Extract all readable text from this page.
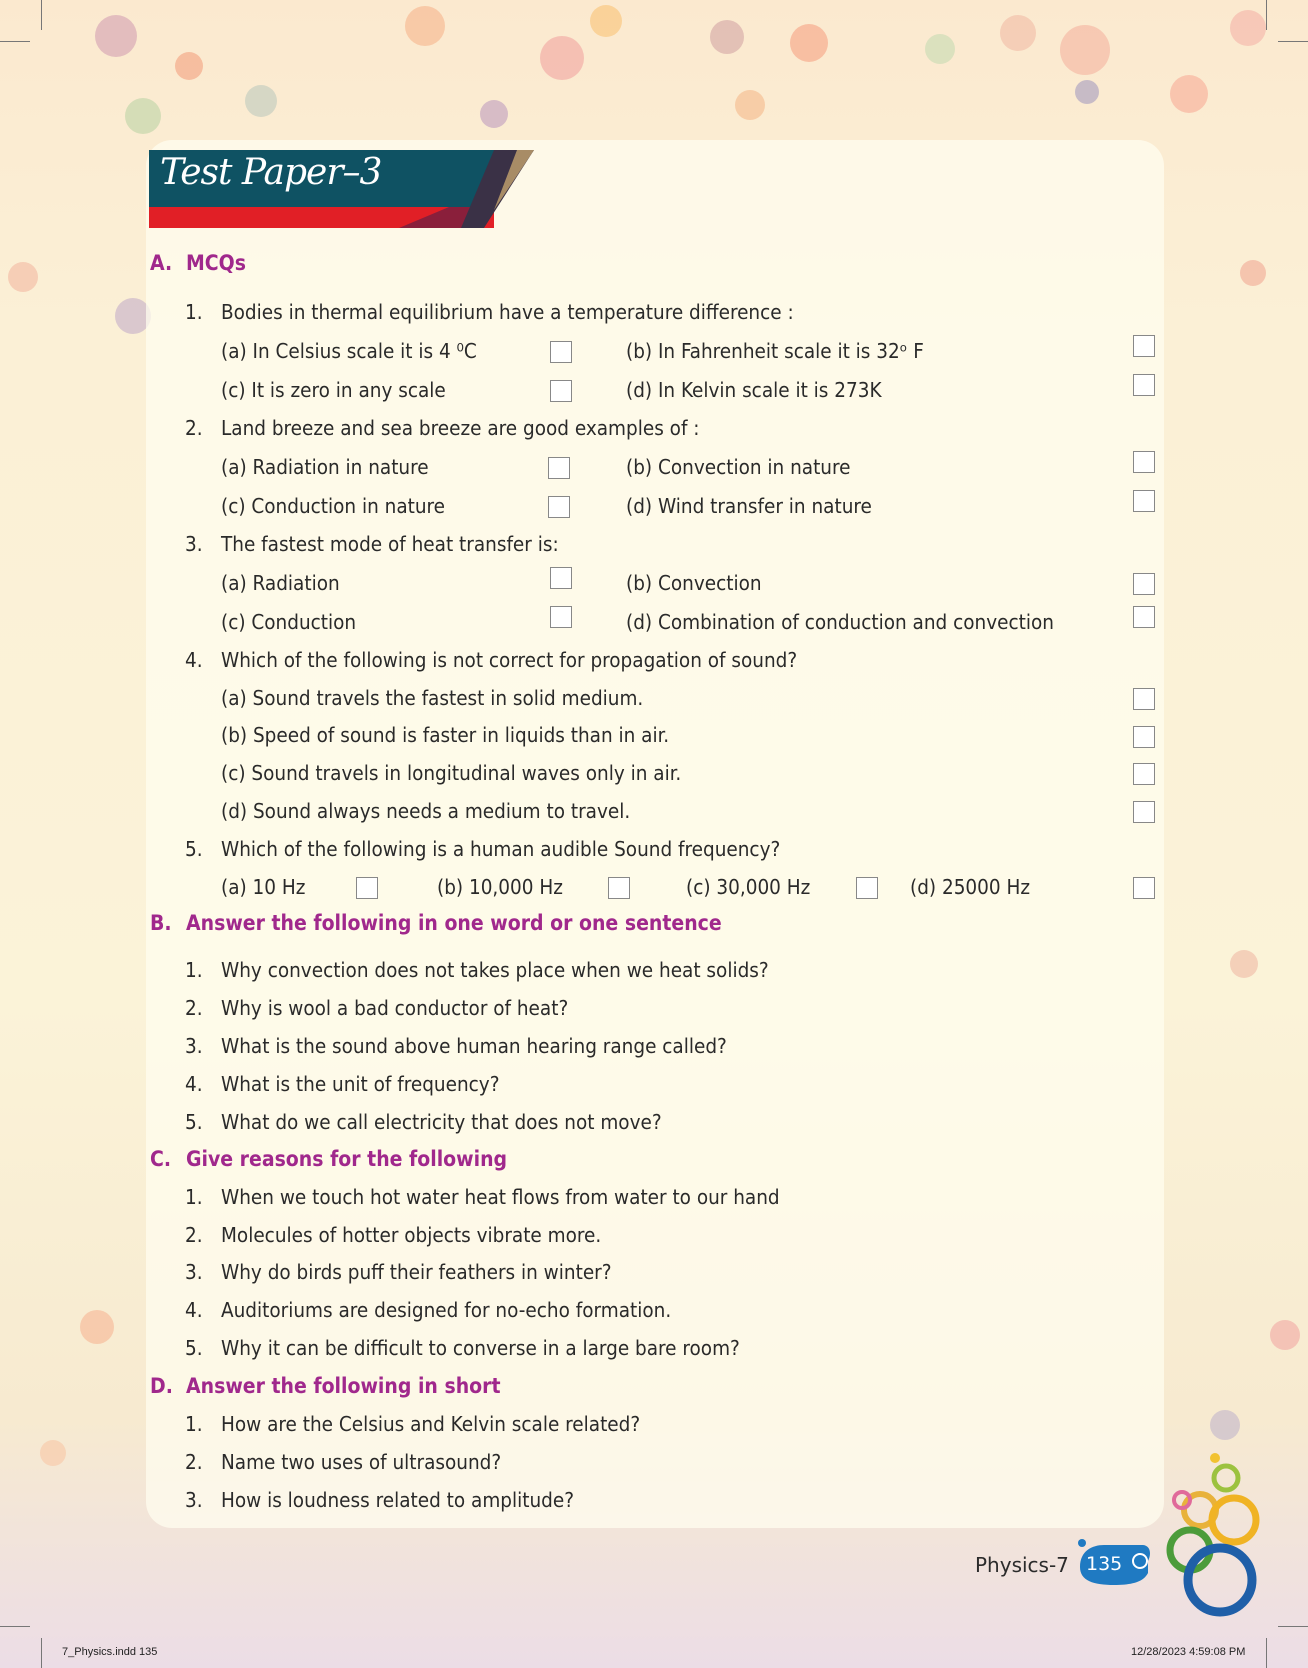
Test Paper–3
A. MCQs
1. Bodies in thermal equilibrium have a temperature difference :
(a) In Celsius scale it is 4 ⁰C	(b) In Fahrenheit scale it is 32ᵒ F
(c) It is zero in any scale	(d) In Kelvin scale it is 273K
2. Land breeze and sea breeze are good examples of :
(a) Radiation in nature	(b) Convection in nature
(c) Conduction in nature	(d) Wind transfer in nature
3. The fastest mode of heat transfer is:
(a) Radiation	(b) Convection
(c) Conduction	(d) Combination of conduction and convection
4. Which of the following is not correct for propagation of sound?
(a) Sound travels the fastest in solid medium.
(b) Speed of sound is faster in liquids than in air.
(c) Sound travels in longitudinal waves only in air.
(d) Sound always needs a medium to travel.
5. Which of the following is a human audible Sound frequency?
(a) 10 Hz	(b) 10,000 Hz	(c) 30,000 Hz	(d) 25000 Hz
B. Answer the following in one word or one sentence
1. Why convection does not takes place when we heat solids?
2. Why is wool a bad conductor of heat?
3. What is the sound above human hearing range called?
4. What is the unit of frequency?
5. What do we call electricity that does not move?
C. Give reasons for the following
1. When we touch hot water heat flows from water to our hand
2. Molecules of hotter objects vibrate more.
3. Why do birds puff their feathers in winter?
4. Auditoriums are designed for no-echo formation.
5. Why it can be difficult to converse in a large bare room?
D. Answer the following in short
1. How are the Celsius and Kelvin scale related?
2. Name two uses of ultrasound?
3. How is loudness related to amplitude?
Physics-7 135
7_Physics.indd 135	12/28/2023 4:59:08 PM
